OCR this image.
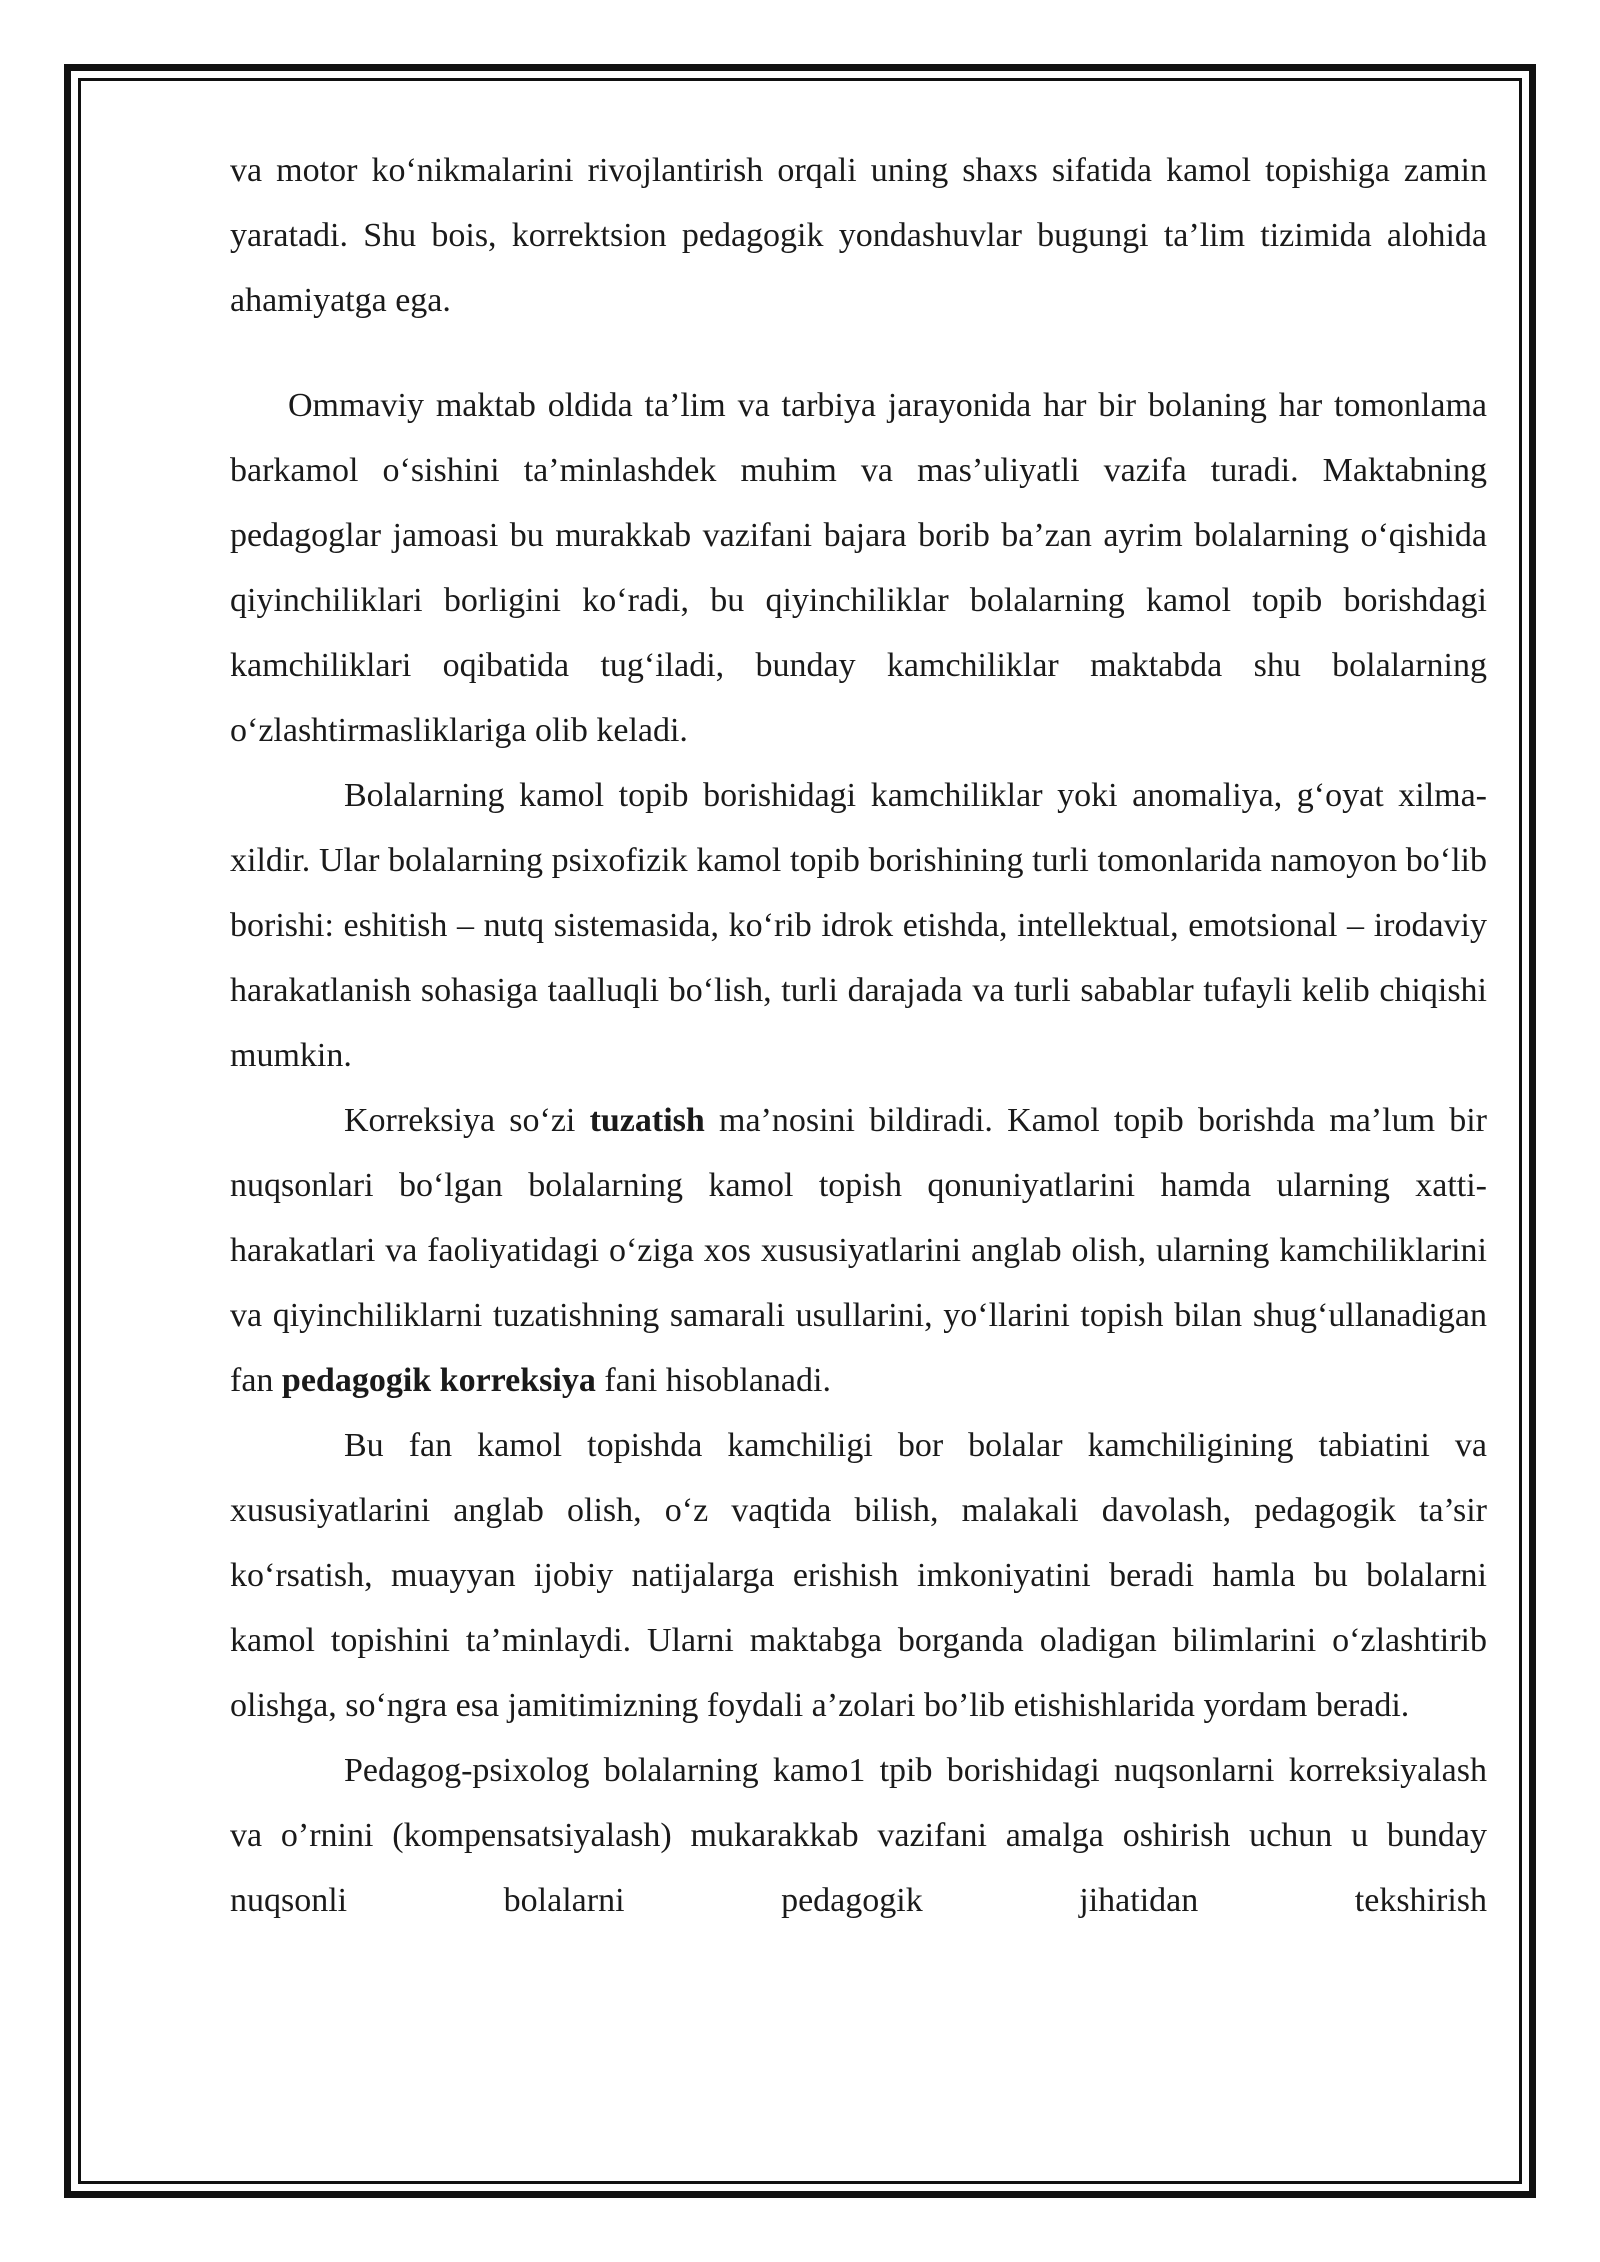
va motor ko‘nikmalarini rivojlantirish orqali uning shaxs sifatida kamol topishiga zamin yaratadi. Shu bois, korrektsion pedagogik yondashuvlar bugungi ta’lim tizimida alohida ahamiyatga ega.

Ommaviy maktab oldida ta’lim va tarbiya jarayonida har bir bolaning har tomonlama barkamol o‘sishini ta’minlashdek muhim va mas’uliyatli vazifa turadi. Maktabning pedagoglar jamoasi bu murakkab vazifani bajara borib ba’zan ayrim bolalarning o‘qishida qiyinchiliklari borligini ko‘radi, bu qiyinchiliklar bolalarning kamol topib borishdagi kamchiliklari oqibatida tug‘iladi, bunday kamchiliklar maktabda shu bolalarning o‘zlashtirmasliklariga olib keladi.

Bolalarning kamol topib borishidagi kamchiliklar yoki anomaliya, g‘oyat xilma-xildir. Ular bolalarning psixofizik kamol topib borishining turli tomonlarida namoyon bo‘lib borishi: eshitish – nutq sistemasida, ko‘rib idrok etishda, intellektual, emotsional – irodaviy harakatlanish sohasiga taalluqli bo‘lish, turli darajada va turli sabablar tufayli kelib chiqishi mumkin.

Korreksiya so‘zi tuzatish ma’nosini bildiradi. Kamol topib borishda ma’lum bir nuqsonlari bo‘lgan bolalarning kamol topish qonuniyatlarini hamda ularning xatti-harakatlari va faoliyatidagi o‘ziga xos xususiyatlarini anglab olish, ularning kamchiliklarini va qiyinchiliklarni tuzatishning samarali usullarini, yo‘llarini topish bilan shug‘ullanadigan fan pedagogik korreksiya fani hisoblanadi.

Bu fan kamol topishda kamchiligi bor bolalar kamchiligining tabiatini va xususiyatlarini anglab olish, o‘z vaqtida bilish, malakali davolash, pedagogik ta’sir ko‘rsatish, muayyan ijobiy natijalarga erishish imkoniyatini beradi hamla bu bolalarni kamol topishini ta’minlaydi. Ularni maktabga borganda oladigan bilimlarini o‘zlashtirib olishga, so‘ngra esa jamitimizning foydali a’zolari bo’lib etishishlarida yordam beradi.

Pedagog-psixolog bolalarning kamo1 tpib borishidagi nuqsonlarni korreksiyalash va o’rnini (kompensatsiyalash) mukarakkab vazifani amalga oshirish uchun u bunday nuqsonli bolalarni pedagogik jihatidan tekshirish
